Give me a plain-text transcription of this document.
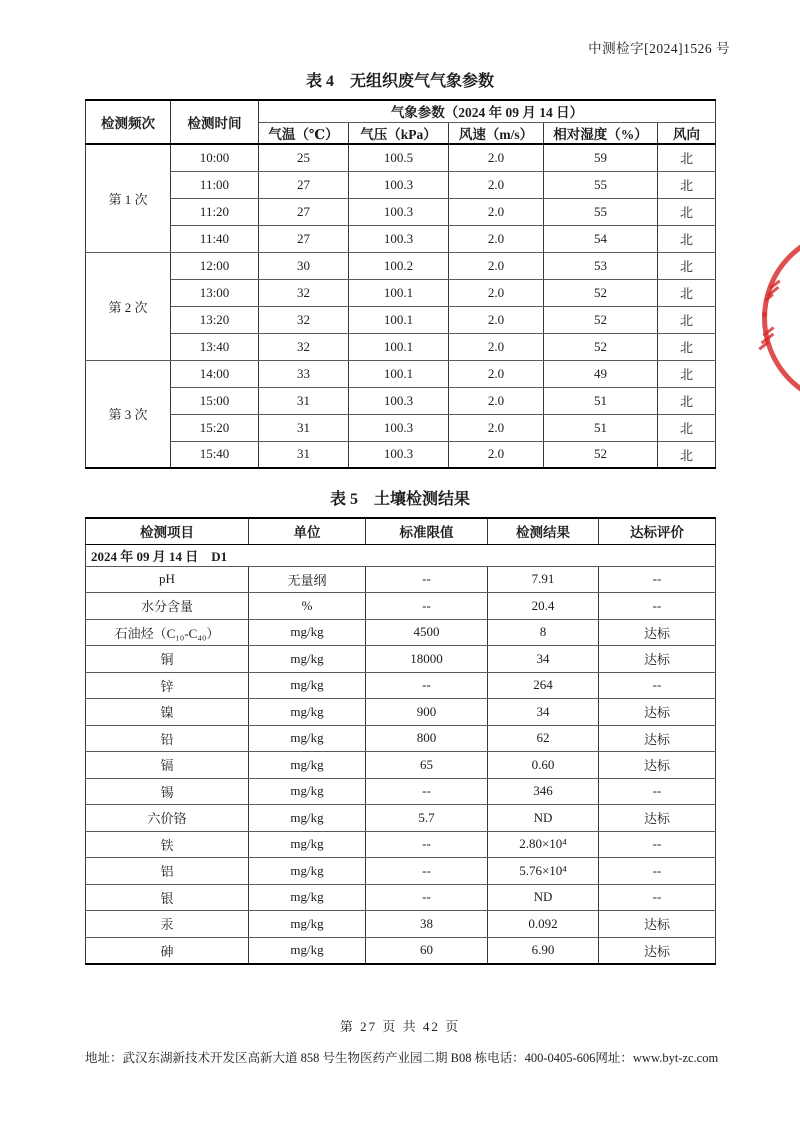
中测检字[2024]1526 号
表 4　无组织废气气象参数
检测频次	检测时间	气象参数（2024 年 09 月 14 日）				
		气温（℃）	气压（kPa）	风速（m/s）	相对湿度（%）	风向
第 1 次	10:00	25	100.5	2.0	59	北
	11:00	27	100.3	2.0	55	北
	11:20	27	100.3	2.0	55	北
	11:40	27	100.3	2.0	54	北
第 2 次	12:00	30	100.2	2.0	53	北
	13:00	32	100.1	2.0	52	北
	13:20	32	100.1	2.0	52	北
	13:40	32	100.1	2.0	52	北
第 3 次	14:00	33	100.1	2.0	49	北
	15:00	31	100.3	2.0	51	北
	15:20	31	100.3	2.0	51	北
	15:40	31	100.3	2.0	52	北
表 5　土壤检测结果
检测项目	单位	标准限值	检测结果	达标评价
2024 年 09 月 14 日　D1				
pH	无量纲	--	7.91	--
水分含量	%	--	20.4	--
石油烃（C₁₀-C₄₀）	mg/kg	4500	8	达标
铜	mg/kg	18000	34	达标
锌	mg/kg	--	264	--
镍	mg/kg	900	34	达标
铅	mg/kg	800	62	达标
镉	mg/kg	65	0.60	达标
锡	mg/kg	--	346	--
六价铬	mg/kg	5.7	ND	达标
铁	mg/kg	--	2.80×10⁴	--
铝	mg/kg	--	5.76×10⁴	--
银	mg/kg	--	ND	--
汞	mg/kg	38	0.092	达标
砷	mg/kg	60	6.90	达标
第 27 页 共 42 页
地址：武汉东湖新技术开发区高新大道 858 号生物医药产业园二期 B08 栋 电话：400-0405-606 网址：www.byt-zc.com
